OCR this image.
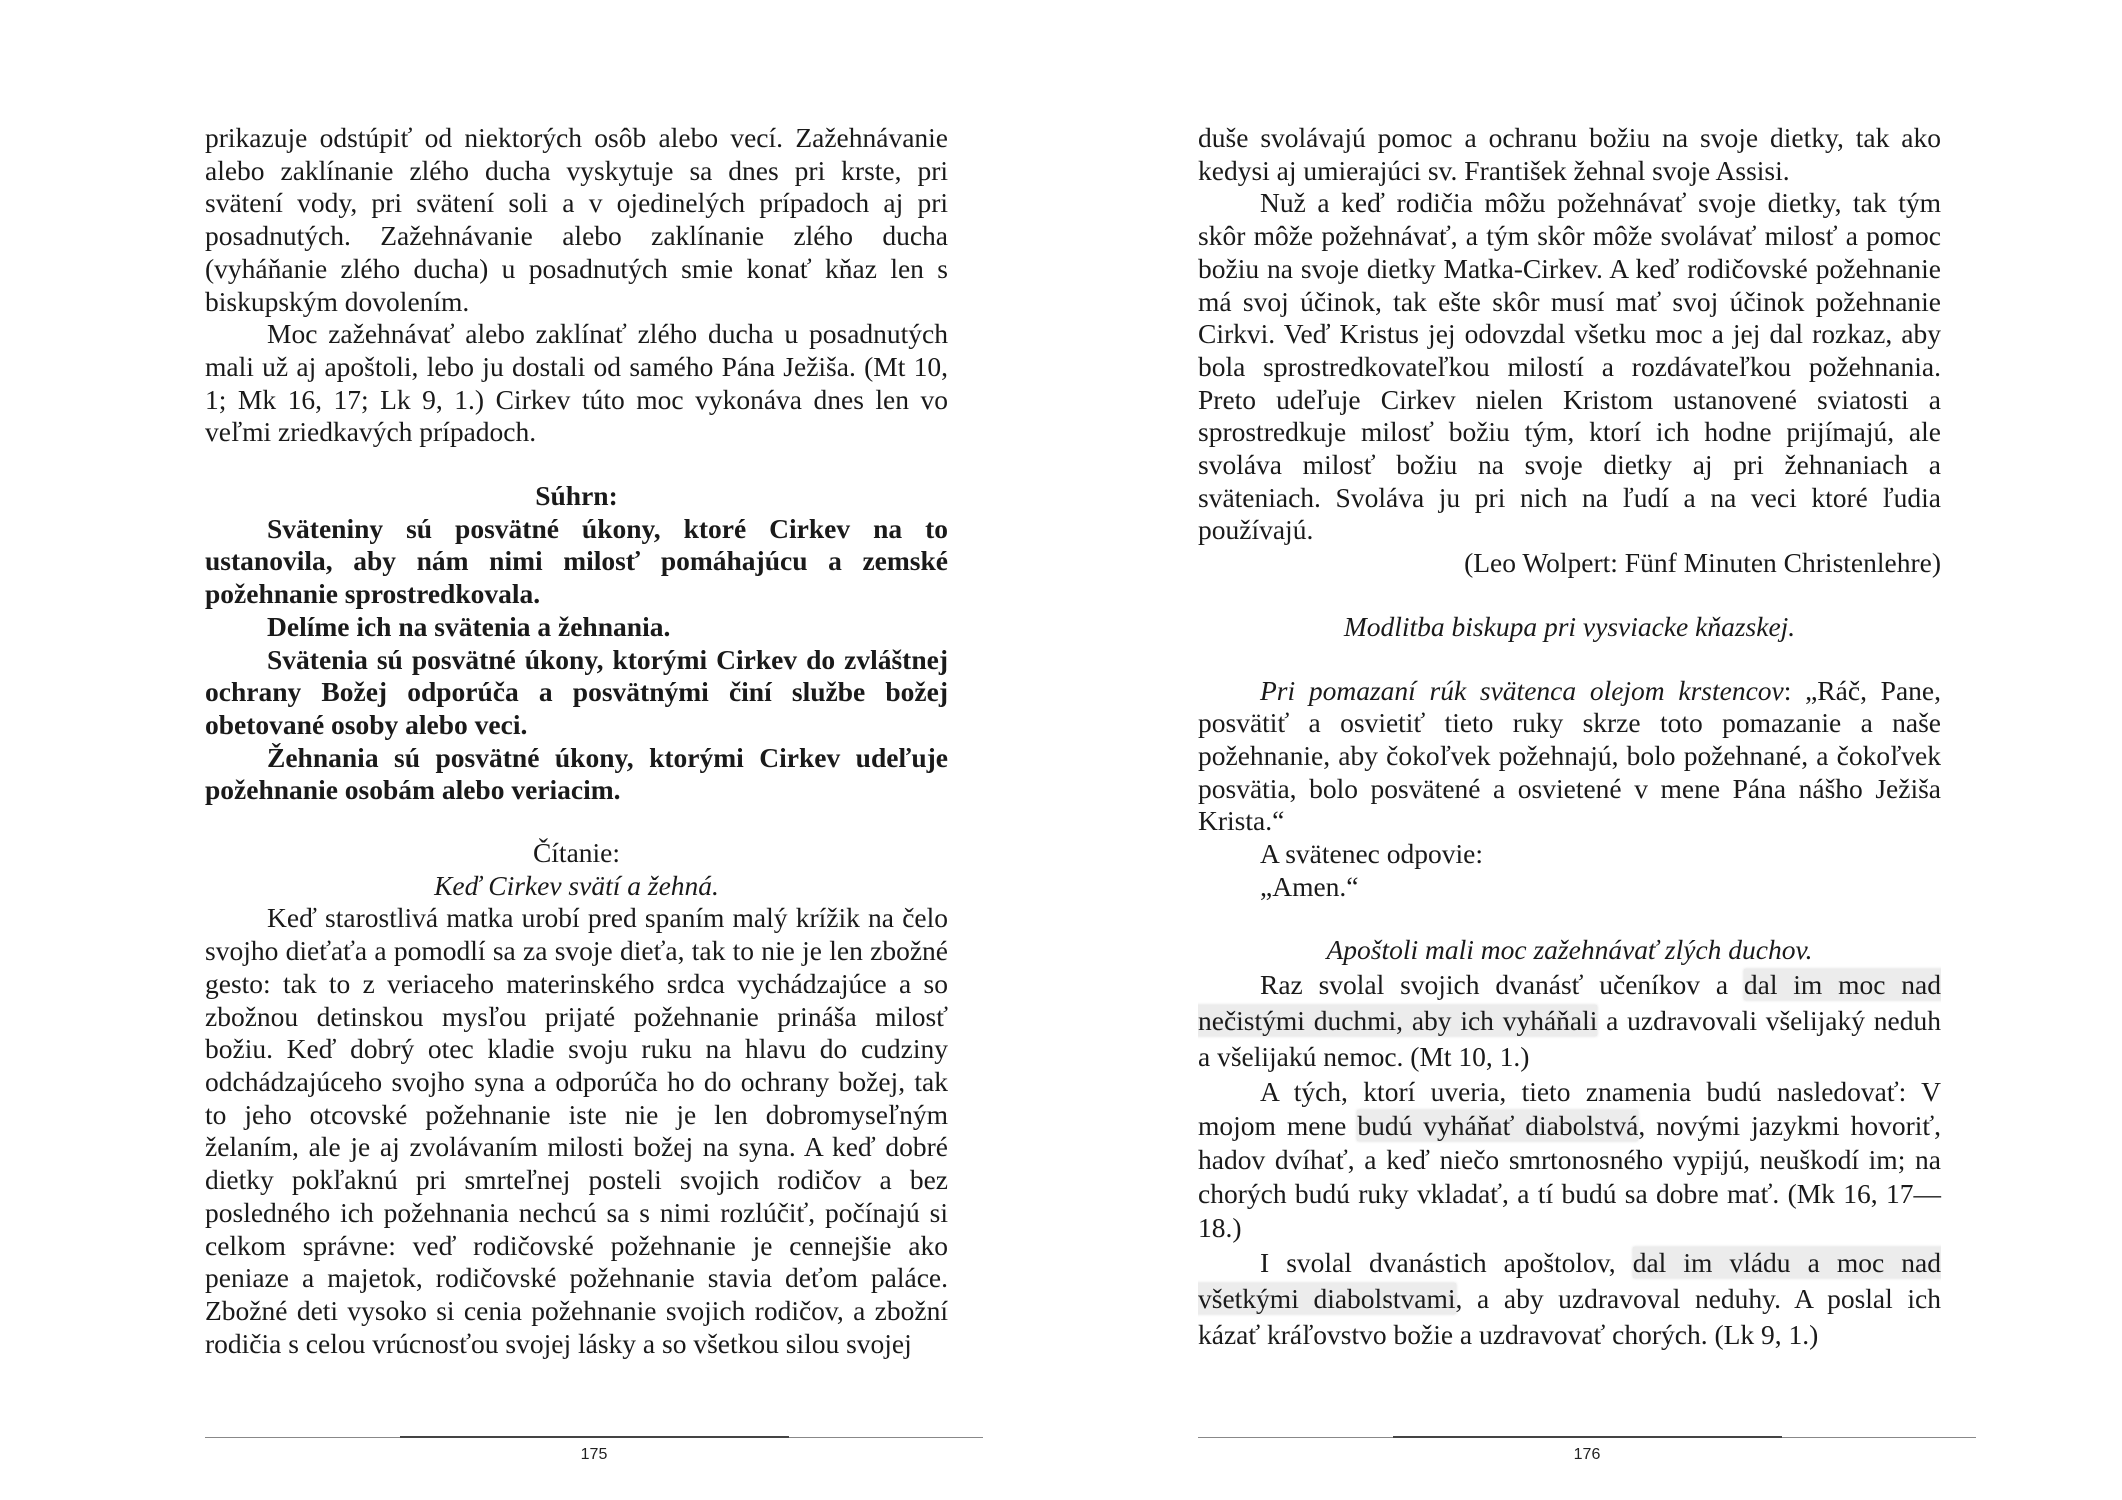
prikazuje odstúpiť od niektorých osôb alebo vecí. Zažehnávanie alebo zaklínanie zlého ducha vyskytuje sa dnes pri krste, pri svätení vody, pri svätení soli a v ojedinelých prípadoch aj pri posadnutých. Zažehnávanie alebo zaklínanie zlého ducha (vyháňanie zlého ducha) u posadnutých smie konať kňaz len s biskupským dovolením.

Moc zažehnávať alebo zaklínať zlého ducha u posadnutých mali už aj apoštoli, lebo ju dostali od samého Pána Ježiša. (Mt 10, 1; Mk 16, 17; Lk 9, 1.) Cirkev túto moc vykonáva dnes len vo veľmi zriedkavých prípadoch.

Súhrn:

Sväteniny sú posvätné úkony, ktoré Cirkev na to ustanovila, aby nám nimi milosť pomáhajúcu a zemské požehnanie sprostredkovala.

Delíme ich na svätenia a žehnania.

Svätenia sú posvätné úkony, ktorými Cirkev do zvláštnej ochrany Božej odporúča a posvätnými činí službe božej obetované osoby alebo veci.

Žehnania sú posvätné úkony, ktorými Cirkev udeľuje požehnanie osobám alebo veriacim.

Čítanie:

Keď Cirkev svätí a žehná.

Keď starostlivá matka urobí pred spaním malý krížik na čelo svojho dieťaťa a pomodlí sa za svoje dieťa, tak to nie je len zbožné gesto: tak to z veriaceho materinského srdca vychádzajúce a so zbožnou detinskou mysľou prijaté požehnanie prináša milosť božiu. Keď dobrý otec kladie svoju ruku na hlavu do cudziny odchádzajúceho svojho syna a odporúča ho do ochrany božej, tak to jeho otcovské požehnanie iste nie je len dobromyseľným želaním, ale je aj zvolávaním milosti božej na syna. A keď dobré dietky pokľaknú pri smrteľnej posteli svojich rodičov a bez posledného ich požehnania nechcú sa s nimi rozlúčiť, počínajú si celkom správne: veď rodičovské požehnanie je cennejšie ako peniaze a majetok, rodičovské požehnanie stavia deťom paláce. Zbožné deti vysoko si cenia požehnanie svojich rodičov, a zbožní rodičia s celou vrúcnosťou svojej lásky a so všetkou silou svojej

175

duše svolávajú pomoc a ochranu božiu na svoje dietky, tak ako kedysi aj umierajúci sv. František žehnal svoje Assisi.

Nuž a keď rodičia môžu požehnávať svoje dietky, tak tým skôr môže požehnávať, a tým skôr môže svolávať milosť a pomoc božiu na svoje dietky Matka-Cirkev. A keď rodičovské požehnanie má svoj účinok, tak ešte skôr musí mať svoj účinok požehnanie Cirkvi. Veď Kristus jej odovzdal všetku moc a jej dal rozkaz, aby bola sprostredkovateľkou milostí a rozdávateľkou požehnania. Preto udeľuje Cirkev nielen Kristom ustanovené sviatosti a sprostredkuje milosť božiu tým, ktorí ich hodne prijímajú, ale svoláva milosť božiu na svoje dietky aj pri žehnaniach a sväteniach. Svoláva ju pri nich na ľudí a na veci ktoré ľudia používajú.

(Leo Wolpert: Fünf Minuten Christenlehre)

Modlitba biskupa pri vysviacke kňazskej.

Pri pomazaní rúk svätenca olejom krstencov: „Ráč, Pane, posvätiť a osvietiť tieto ruky skrze toto pomazanie a naše požehnanie, aby čokoľvek požehnajú, bolo požehnané, a čokoľvek posvätia, bolo posvätené a osvietené v mene Pána nášho Ježiša Krista.“

A svätenec odpovie:

„Amen.“

Apoštoli mali moc zažehnávať zlých duchov.

Raz svolal svojich dvanásť učeníkov a dal im moc nad nečistými duchmi, aby ich vyháňali a uzdravovali všelijaký neduh a všelijakú nemoc. (Mt 10, 1.)

A tých, ktorí uveria, tieto znamenia budú nasledovať: V mojom mene budú vyháňať diabolstvá, novými jazykmi hovoriť, hadov dvíhať, a keď niečo smrtonosného vypijú, neuškodí im; na chorých budú ruky vkladať, a tí budú sa dobre mať. (Mk 16, 17—18.)

I svolal dvanástich apoštolov, dal im vládu a moc nad všetkými diabolstvami, a aby uzdravoval neduhy. A poslal ich kázať kráľovstvo božie a uzdravovať chorých. (Lk 9, 1.)

176
